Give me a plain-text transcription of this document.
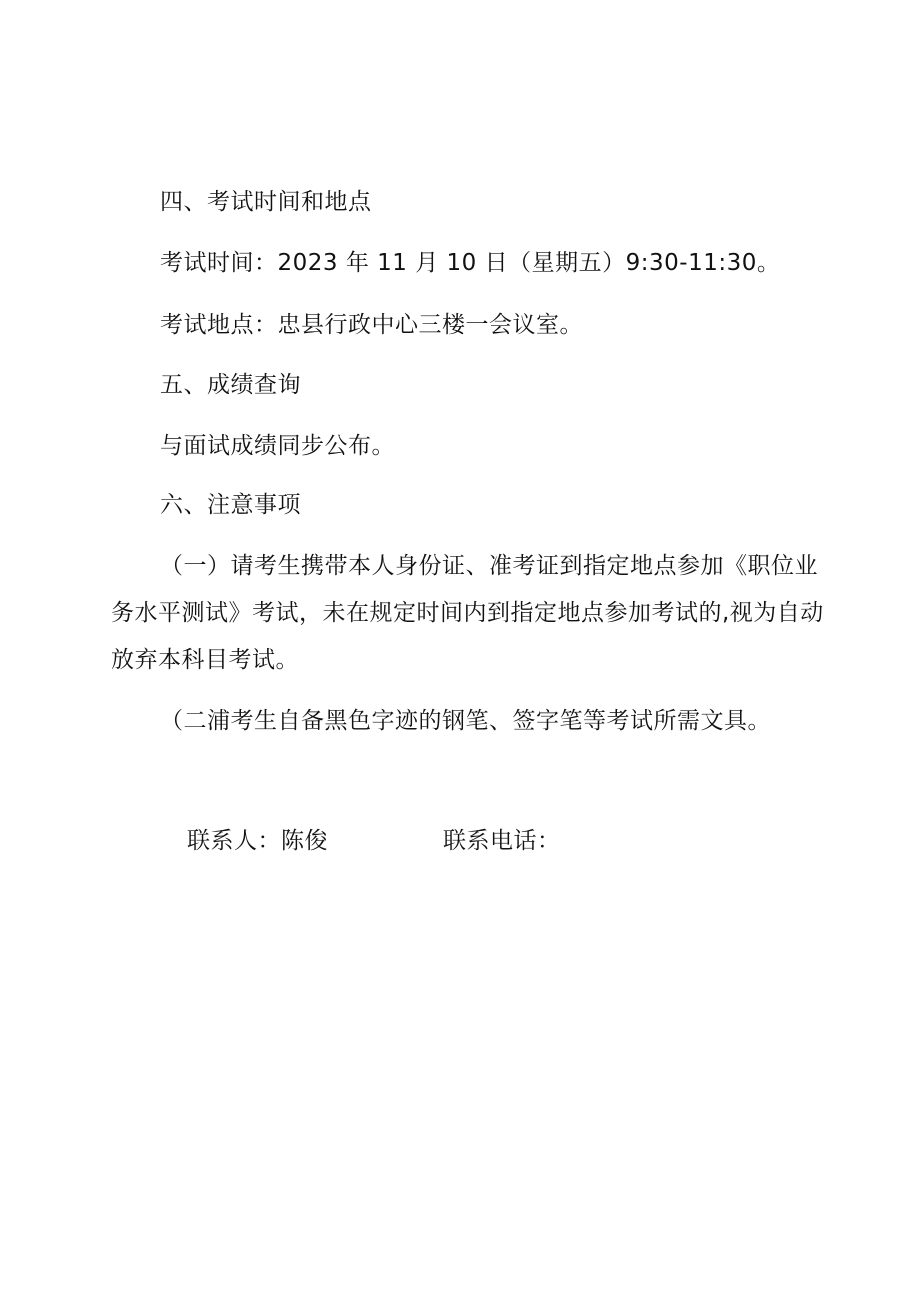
四、考试时间和地点
考试时间：2023 年 11 月 10 日（星期五）9:30-11:30。
考试地点：忠县行政中心三楼一会议室。
五、成绩查询
与面试成绩同步公布。
六、注意事项
（一）请考生携带本人身份证、准考证到指定地点参加《职位业
务水平测试》考试，未在规定时间内到指定地点参加考试的,视为自动
放弃本科目考试。
（二浦考生自备黑色字迹的钢笔、签字笔等考试所需文具。
联系人：陈俊	联系电话：
